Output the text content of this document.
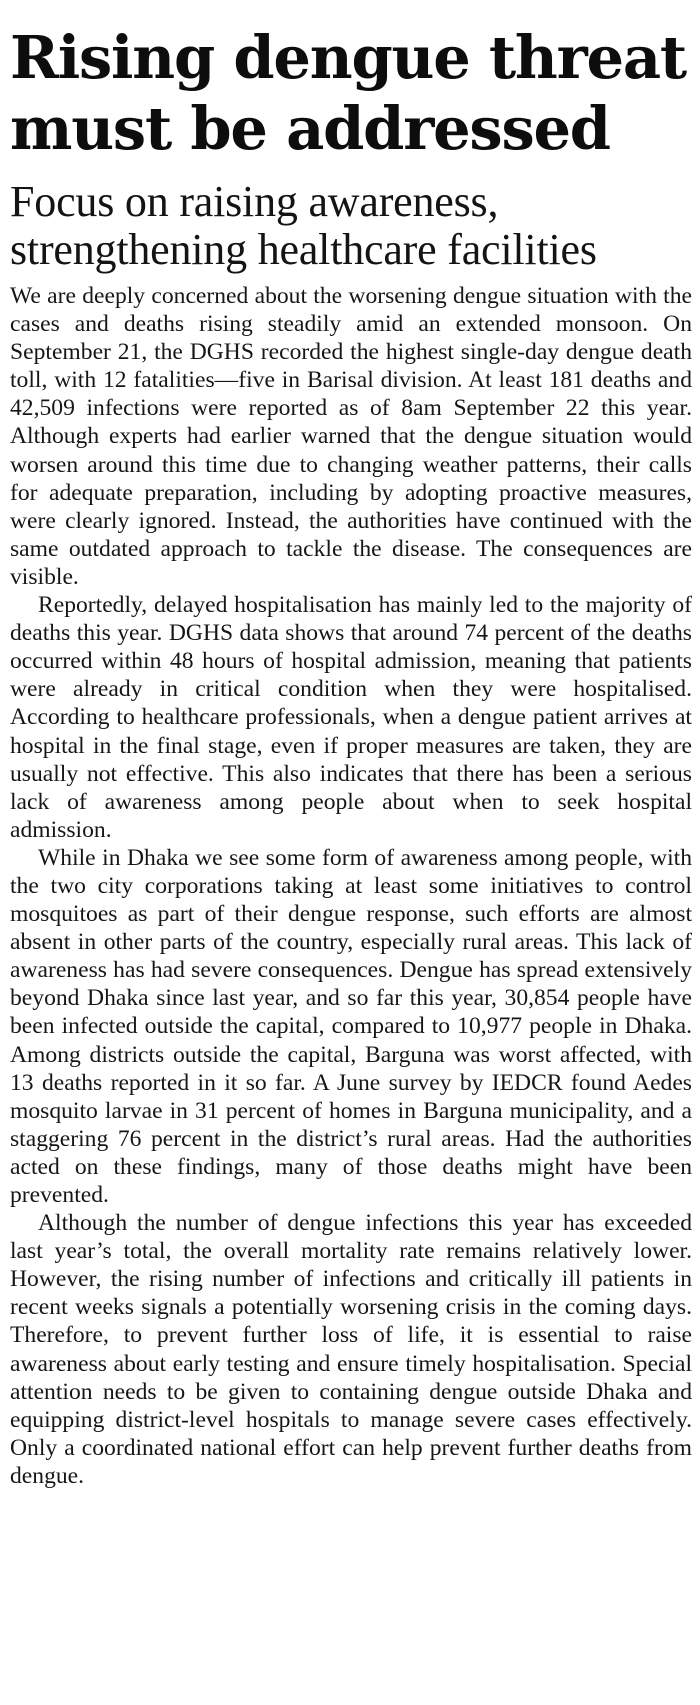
Rising dengue threat must be addressed
Focus on raising awareness, strengthening healthcare facilities

We are deeply concerned about the worsening dengue situation with the cases and deaths rising steadily amid an extended monsoon. On September 21, the DGHS recorded the highest single-day dengue death toll, with 12 fatalities—five in Barisal division. At least 181 deaths and 42,509 infections were reported as of 8am September 22 this year. Although experts had earlier warned that the dengue situation would worsen around this time due to changing weather patterns, their calls for adequate preparation, including by adopting proactive measures, were clearly ignored. Instead, the authorities have continued with the same outdated approach to tackle the disease. The consequences are visible.

Reportedly, delayed hospitalisation has mainly led to the majority of deaths this year. DGHS data shows that around 74 percent of the deaths occurred within 48 hours of hospital admission, meaning that patients were already in critical condition when they were hospitalised. According to healthcare professionals, when a dengue patient arrives at hospital in the final stage, even if proper measures are taken, they are usually not effective. This also indicates that there has been a serious lack of awareness among people about when to seek hospital admission.

While in Dhaka we see some form of awareness among people, with the two city corporations taking at least some initiatives to control mosquitoes as part of their dengue response, such efforts are almost absent in other parts of the country, especially rural areas. This lack of awareness has had severe consequences. Dengue has spread extensively beyond Dhaka since last year, and so far this year, 30,854 people have been infected outside the capital, compared to 10,977 people in Dhaka. Among districts outside the capital, Barguna was worst affected, with 13 deaths reported in it so far. A June survey by IEDCR found Aedes mosquito larvae in 31 percent of homes in Barguna municipality, and a staggering 76 percent in the district’s rural areas. Had the authorities acted on these findings, many of those deaths might have been prevented.

Although the number of dengue infections this year has exceeded last year’s total, the overall mortality rate remains relatively lower. However, the rising number of infections and critically ill patients in recent weeks signals a potentially worsening crisis in the coming days. Therefore, to prevent further loss of life, it is essential to raise awareness about early testing and ensure timely hospitalisation. Special attention needs to be given to containing dengue outside Dhaka and equipping district-level hospitals to manage severe cases effectively. Only a coordinated national effort can help prevent further deaths from dengue.
